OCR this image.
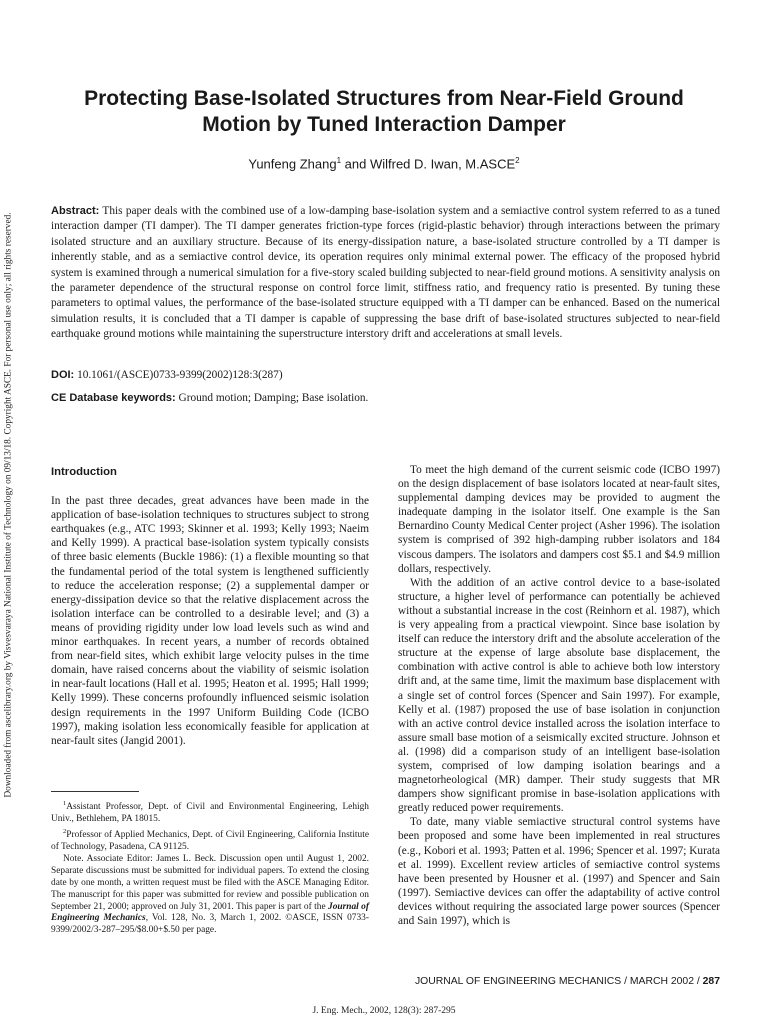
Downloaded from ascelibrary.org by Visvesvaraya National Institute of Technology on 09/13/18. Copyright ASCE. For personal use only; all rights reserved.
Protecting Base-Isolated Structures from Near-Field Ground
Motion by Tuned Interaction Damper
Yunfeng Zhang$^1$ and Wilfred D. Iwan, M.ASCE$^2$

Abstract: This paper deals with the combined use of a low-damping base-isolation system and a semiactive control system referred to as a tuned interaction damper (TI damper). The TI damper generates friction-type forces (rigid-plastic behavior) through interactions between the primary isolated structure and an auxiliary structure. Because of its energy-dissipation nature, a base-isolated structure controlled by a TI damper is inherently stable, and as a semiactive control device, its operation requires only minimal external power. The efficacy of the proposed hybrid system is examined through a numerical simulation for a five-story scaled building subjected to near-field ground motions. A sensitivity analysis on the parameter dependence of the structural response on control force limit, stiffness ratio, and frequency ratio is presented. By tuning these parameters to optimal values, the performance of the base-isolated structure equipped with a TI damper can be enhanced. Based on the numerical simulation results, it is concluded that a TI damper is capable of suppressing the base drift of base-isolated structures subjected to near-field earthquake ground motions while maintaining the superstructure interstory drift and accelerations at small levels.

DOI: 10.1061/(ASCE)0733-9399(2002)128:3(287)

CE Database keywords: Ground motion; Damping; Base isolation.

Introduction

In the past three decades, great advances have been made in the application of base-isolation techniques to structures subject to strong earthquakes (e.g., ATC 1993; Skinner et al. 1993; Kelly 1993; Naeim and Kelly 1999). A practical base-isolation system typically consists of three basic elements (Buckle 1986): (1) a flexible mounting so that the fundamental period of the total system is lengthened sufficiently to reduce the acceleration response; (2) a supplemental damper or energy-dissipation device so that the relative displacement across the isolation interface can be controlled to a desirable level; and (3) a means of providing rigidity under low load levels such as wind and minor earthquakes. In recent years, a number of records obtained from near-field sites, which exhibit large velocity pulses in the time domain, have raised concerns about the viability of seismic isolation in near-fault locations (Hall et al. 1995; Heaton et al. 1995; Hall 1999; Kelly 1999). These concerns profoundly influenced seismic isolation design requirements in the 1997 Uniform Building Code (ICBO 1997), making isolation less economically feasible for application at near-fault sites (Jangid 2001).

$^1$Assistant Professor, Dept. of Civil and Environmental Engineering, Lehigh Univ., Bethlehem, PA 18015.

$^2$Professor of Applied Mechanics, Dept. of Civil Engineering, California Institute of Technology, Pasadena, CA 91125.

Note. Associate Editor: James L. Beck. Discussion open until August 1, 2002. Separate discussions must be submitted for individual papers. To extend the closing date by one month, a written request must be filed with the ASCE Managing Editor. The manuscript for this paper was submitted for review and possible publication on September 21, 2000; approved on July 31, 2001. This paper is part of the Journal of Engineering Mechanics, Vol. 128, No. 3, March 1, 2002. ©ASCE, ISSN 0733-9399/2002/3-287–295/$8.00+$.50 per page.

To meet the high demand of the current seismic code (ICBO 1997) on the design displacement of base isolators located at near-fault sites, supplemental damping devices may be provided to augment the inadequate damping in the isolator itself. One example is the San Bernardino County Medical Center project (Asher 1996). The isolation system is comprised of 392 high-damping rubber isolators and 184 viscous dampers. The isolators and dampers cost $5.1 and $4.9 million dollars, respectively.

With the addition of an active control device to a base-isolated structure, a higher level of performance can potentially be achieved without a substantial increase in the cost (Reinhorn et al. 1987), which is very appealing from a practical viewpoint. Since base isolation by itself can reduce the interstory drift and the absolute acceleration of the structure at the expense of large absolute base displacement, the combination with active control is able to achieve both low interstory drift and, at the same time, limit the maximum base displacement with a single set of control forces (Spencer and Sain 1997). For example, Kelly et al. (1987) proposed the use of base isolation in conjunction with an active control device installed across the isolation interface to assure small base motion of a seismically excited structure. Johnson et al. (1998) did a comparison study of an intelligent base-isolation system, comprised of low damping isolation bearings and a magnetorheological (MR) damper. Their study suggests that MR dampers show significant promise in base-isolation applications with greatly reduced power requirements.

To date, many viable semiactive structural control systems have been proposed and some have been implemented in real structures (e.g., Kobori et al. 1993; Patten et al. 1996; Spencer et al. 1997; Kurata et al. 1999). Excellent review articles of semiactive control systems have been presented by Housner et al. (1997) and Spencer and Sain (1997). Semiactive devices can offer the adaptability of active control devices without requiring the associated large power sources (Spencer and Sain 1997), which is

JOURNAL OF ENGINEERING MECHANICS / MARCH 2002 / 287
J. Eng. Mech., 2002, 128(3): 287-295
